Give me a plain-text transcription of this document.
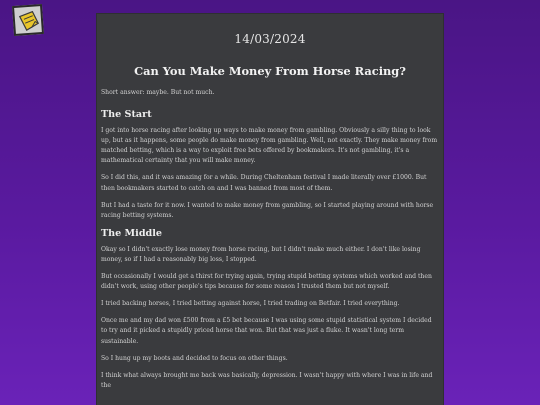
14/03/2024
Can You Make Money From Horse Racing?

Short answer: maybe. But not much.

The Start

I got into horse racing after looking up ways to make money from gambling. Obviously a silly thing to look up, but as it happens, some people do make money from gambling. Well, not exactly. They make money from matched betting, which is a way to exploit free bets offered by bookmakers. It's not gambling, it's a mathematical certainty that you will make money.

So I did this, and it was amazing for a while. During Cheltenham festival I made literally over £1000. But then bookmakers started to catch on and I was banned from most of them.

But I had a taste for it now. I wanted to make money from gambling, so I started playing around with horse racing betting systems.

The Middle

Okay so I didn't exactly lose money from horse racing, but I didn't make much either. I don't like losing money, so if I had a reasonably big loss, I stopped.

But occasionally I would get a thirst for trying again, trying stupid betting systems which worked and then didn't work, using other people's tips because for some reason I trusted them but not myself.

I tried backing horses, I tried betting against horse, I tried trading on Betfair. I tried everything.

Once me and my dad won £500 from a £5 bet because I was using some stupid statistical system I decided to try and it picked a stupidly priced horse that won. But that was just a fluke. It wasn't long term sustainable.

So I hung up my boots and decided to focus on other things.

I think what always brought me back was basically, depression. I wasn't happy with where I was in life and the
